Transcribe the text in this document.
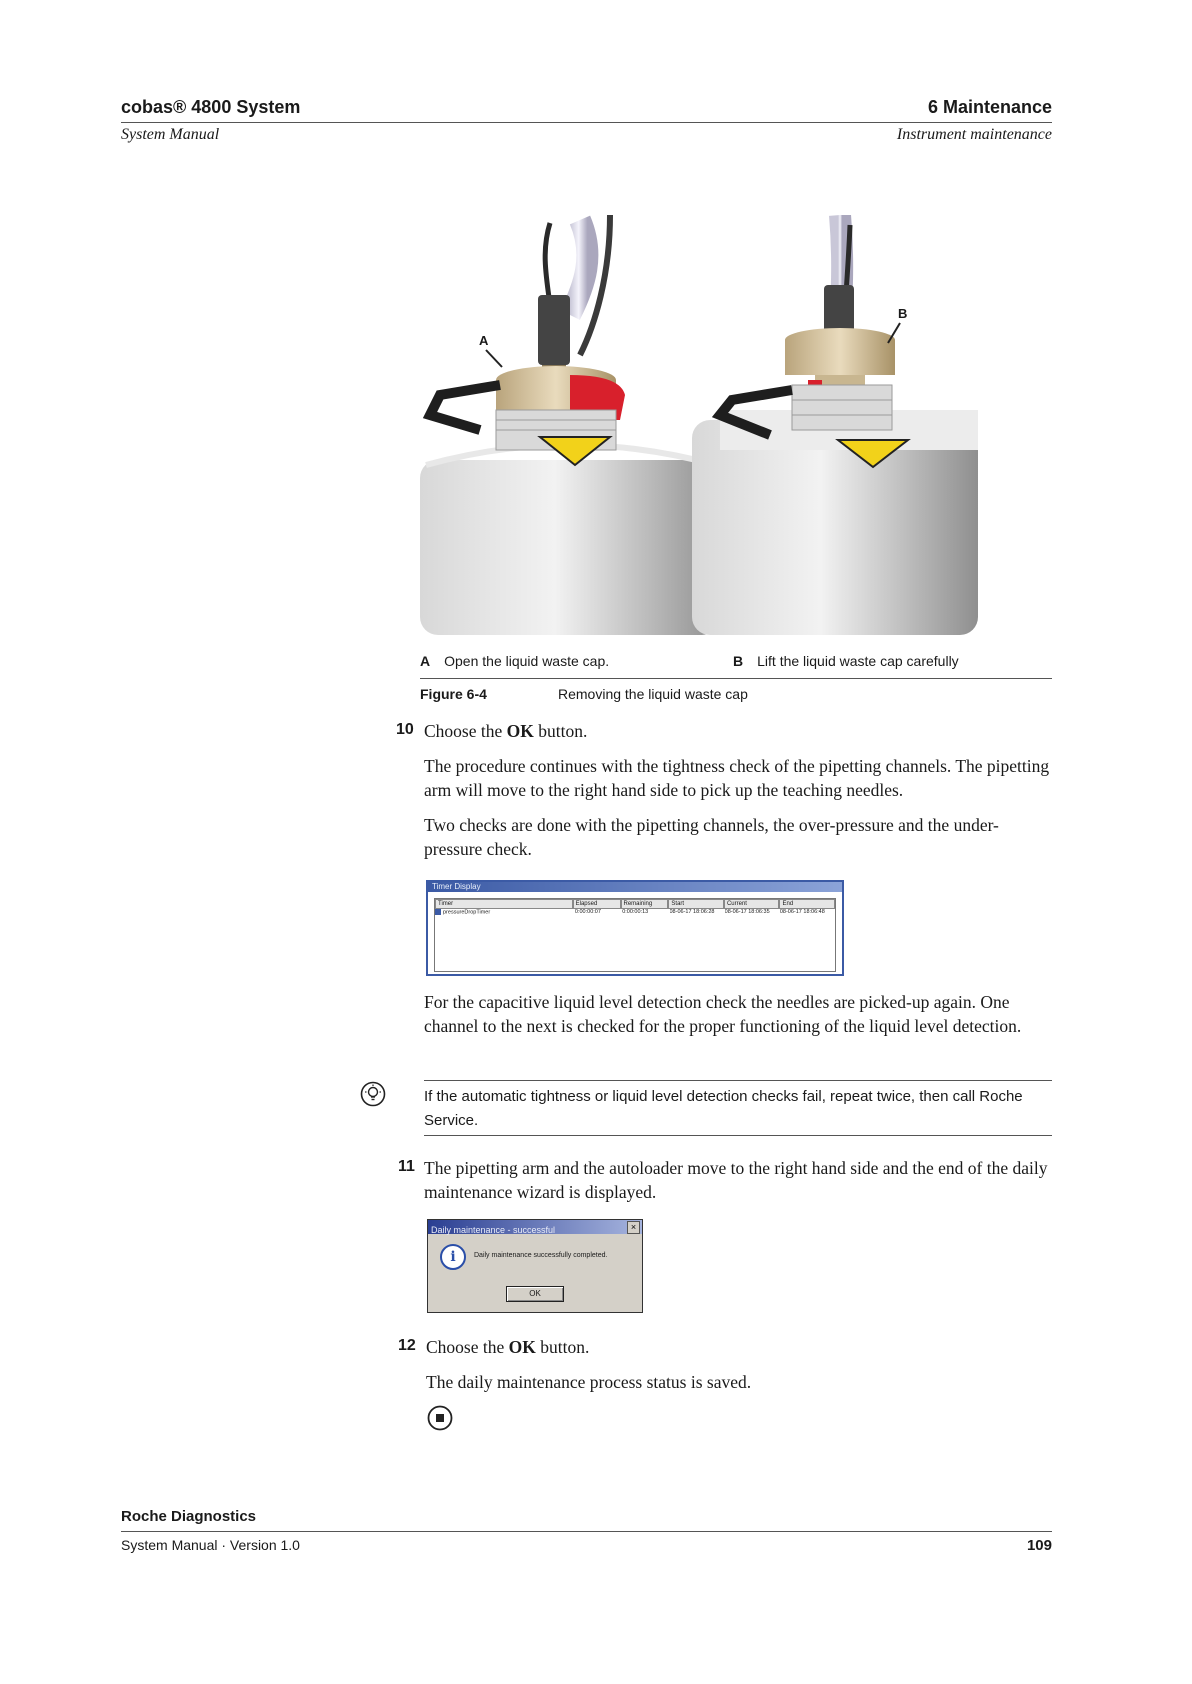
cobas® 4800 System	6 Maintenance
System Manual	Instrument maintenance
A
B
A Open the liquid waste cap.	B Lift the liquid waste cap carefully
Figure 6-4	Removing the liquid waste cap
10 Choose the OK button.
The procedure continues with the tightness check of the pipetting channels. The pipetting arm will move to the right hand side to pick up the teaching needles.
Two checks are done with the pipetting channels, the over-pressure and the under-pressure check.
Timer Display
Timer	Elapsed	Remaining	Start	Current	End
pressureDropTimer	0:00:00:07	0:00:00:13	08-06-17 18:06:28	08-06-17 18:06:35	08-06-17 18:06:48
For the capacitive liquid level detection check the needles are picked-up again. One channel to the next is checked for the proper functioning of the liquid level detection.
If the automatic tightness or liquid level detection checks fail, repeat twice, then call Roche Service.
11 The pipetting arm and the autoloader move to the right hand side and the end of the daily maintenance wizard is displayed.
Daily maintenance - successful	×
i	Daily maintenance successfully completed.
OK
12 Choose the OK button.
The daily maintenance process status is saved.
Roche Diagnostics
System Manual · Version 1.0	109
